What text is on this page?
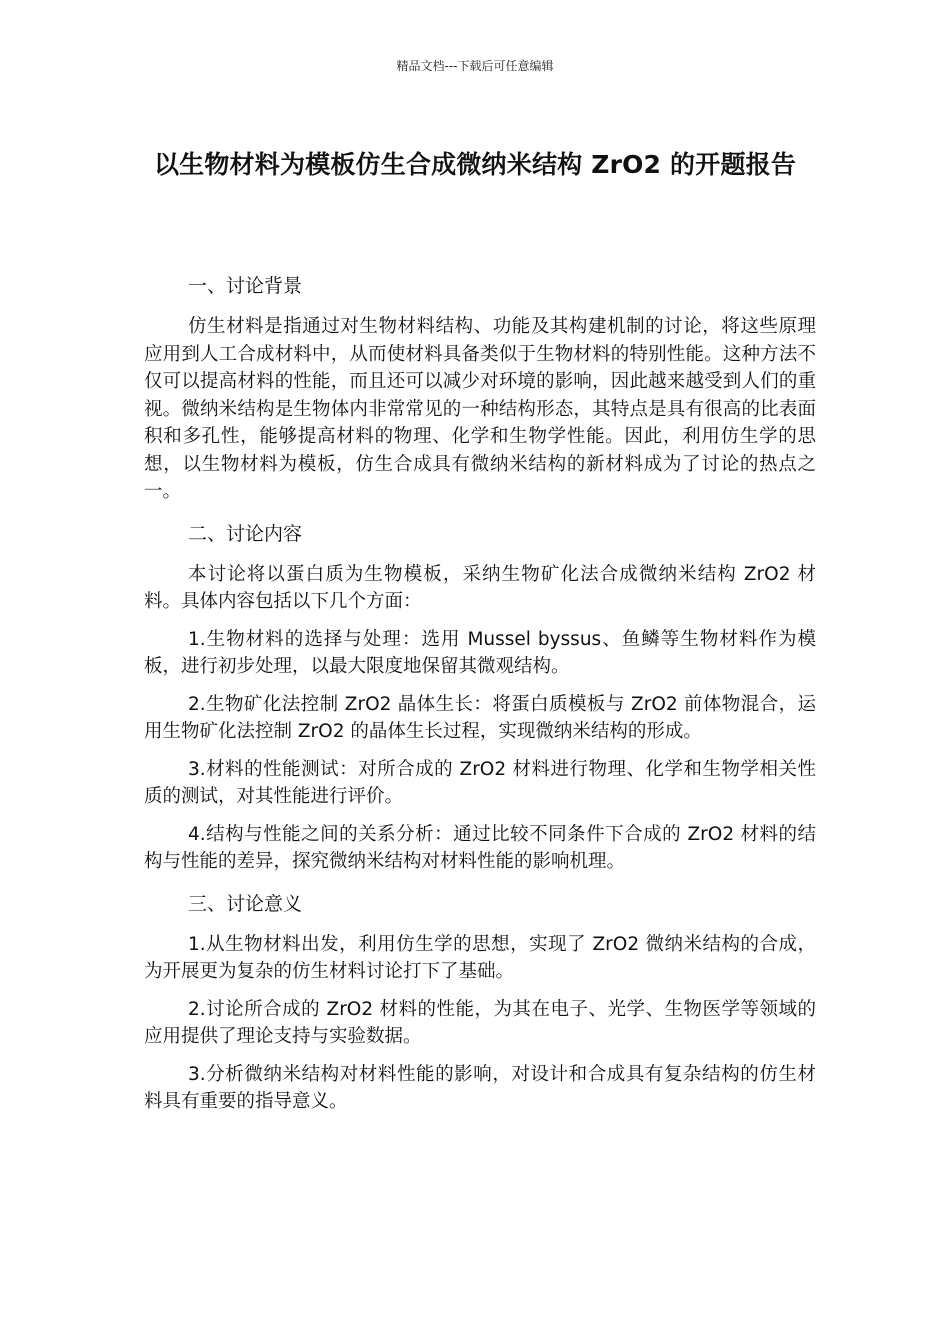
精品文档---下载后可任意编辑
以生物材料为模板仿生合成微纳米结构 ZrO2 的开题报告
一、讨论背景

仿生材料是指通过对生物材料结构、功能及其构建机制的讨论，将这些原理应用到人工合成材料中，从而使材料具备类似于生物材料的特别性能。这种方法不仅可以提高材料的性能，而且还可以减少对环境的影响，因此越来越受到人们的重视。微纳米结构是生物体内非常常见的一种结构形态，其特点是具有很高的比表面积和多孔性，能够提高材料的物理、化学和生物学性能。因此，利用仿生学的思想，以生物材料为模板，仿生合成具有微纳米结构的新材料成为了讨论的热点之一。

二、讨论内容

本讨论将以蛋白质为生物模板，采纳生物矿化法合成微纳米结构 ZrO2 材料。具体内容包括以下几个方面：

1.生物材料的选择与处理：选用 Mussel byssus、鱼鳞等生物材料作为模板，进行初步处理，以最大限度地保留其微观结构。

2.生物矿化法控制 ZrO2 晶体生长：将蛋白质模板与 ZrO2 前体物混合，运用生物矿化法控制 ZrO2 的晶体生长过程，实现微纳米结构的形成。

3.材料的性能测试：对所合成的 ZrO2 材料进行物理、化学和生物学相关性质的测试，对其性能进行评价。

4.结构与性能之间的关系分析：通过比较不同条件下合成的 ZrO2 材料的结构与性能的差异，探究微纳米结构对材料性能的影响机理。

三、讨论意义

1.从生物材料出发，利用仿生学的思想，实现了 ZrO2 微纳米结构的合成，为开展更为复杂的仿生材料讨论打下了基础。

2.讨论所合成的 ZrO2 材料的性能，为其在电子、光学、生物医学等领域的应用提供了理论支持与实验数据。

3.分析微纳米结构对材料性能的影响，对设计和合成具有复杂结构的仿生材料具有重要的指导意义。
